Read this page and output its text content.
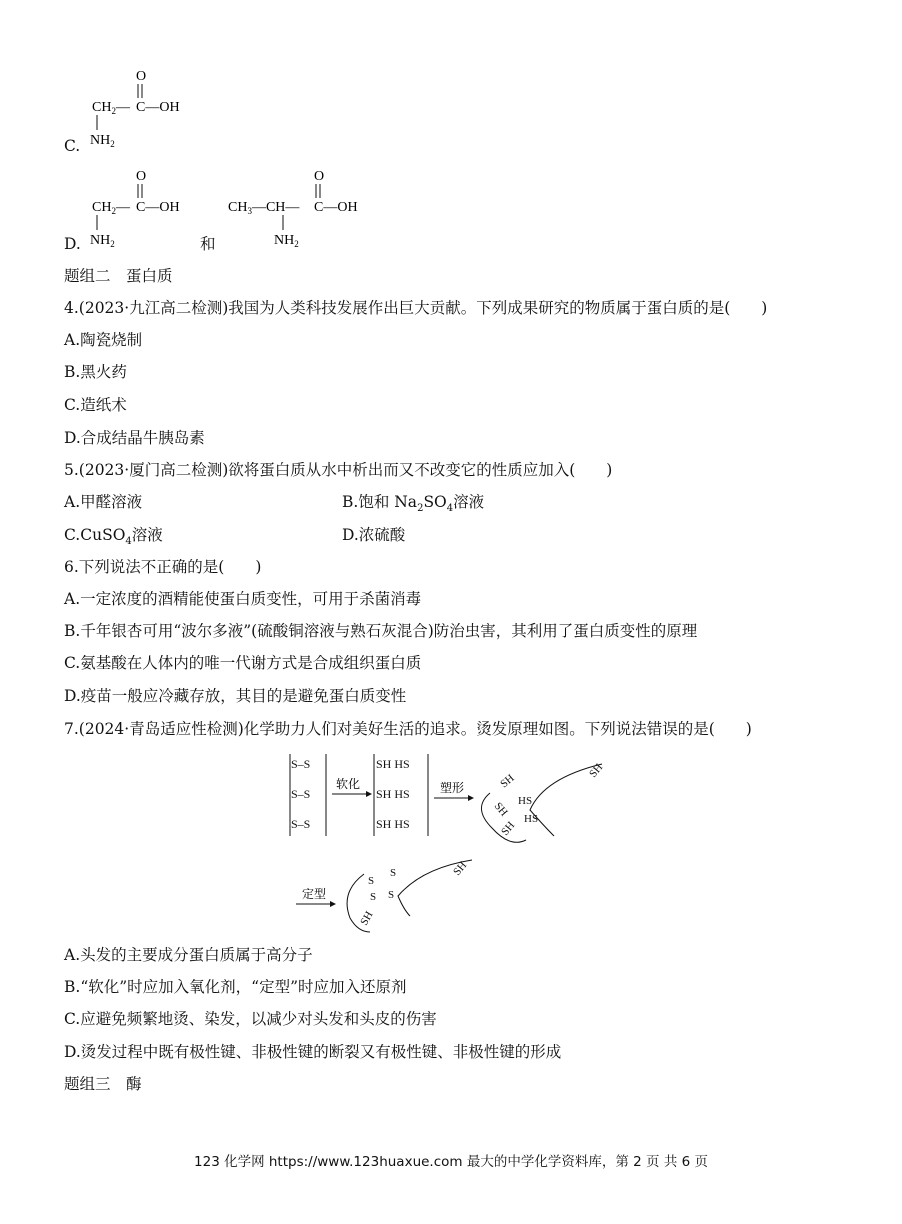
C.
O
$CH_2—$ C—OH
$NH_2$
D.
O
$CH_2—$ C—OH
$NH_2$	和
O
$CH_3—CH—$ C—OH
$NH_2$
题组二　蛋白质
4.(2023·九江高二检测)我国为人类科技发展作出巨大贡献。下列成果研究的物质属于蛋白质的是(　　)
A.陶瓷烧制
B.黑火药
C.造纸术
D.合成结晶牛胰岛素
5.(2023·厦门高二检测)欲将蛋白质从水中析出而又不改变它的性质应加入(　　)
A.甲醛溶液	B.饱和 $Na_2SO_4$溶液
C.CuSO$_4$溶液	D.浓硫酸
6.下列说法不正确的是(　　)
A.一定浓度的酒精能使蛋白质变性，可用于杀菌消毒
B.千年银杏可用“波尔多液”(硫酸铜溶液与熟石灰混合)防治虫害，其利用了蛋白质变性的原理
C.氨基酸在人体内的唯一代谢方式是合成组织蛋白质
D.疫苗一般应冷藏存放，其目的是避免蛋白质变性
7.(2024·青岛适应性检测)化学助力人们对美好生活的追求。烫发原理如图。下列说法错误的是(　　)
S–S
S–S
S–S
软化
SH HS
SH HS
SH HS
塑形	SH
SH HS
HS
SH
SH
定型
S
S
S S
SH
SH
A.头发的主要成分蛋白质属于高分子
B.“软化”时应加入氧化剂，“定型”时应加入还原剂
C.应避免频繁地烫、染发，以减少对头发和头皮的伤害
D.烫发过程中既有极性键、非极性键的断裂又有极性键、非极性键的形成
题组三　酶
123 化学网 https://www.123huaxue.com 最大的中学化学资料库，第 2 页 共 6 页
